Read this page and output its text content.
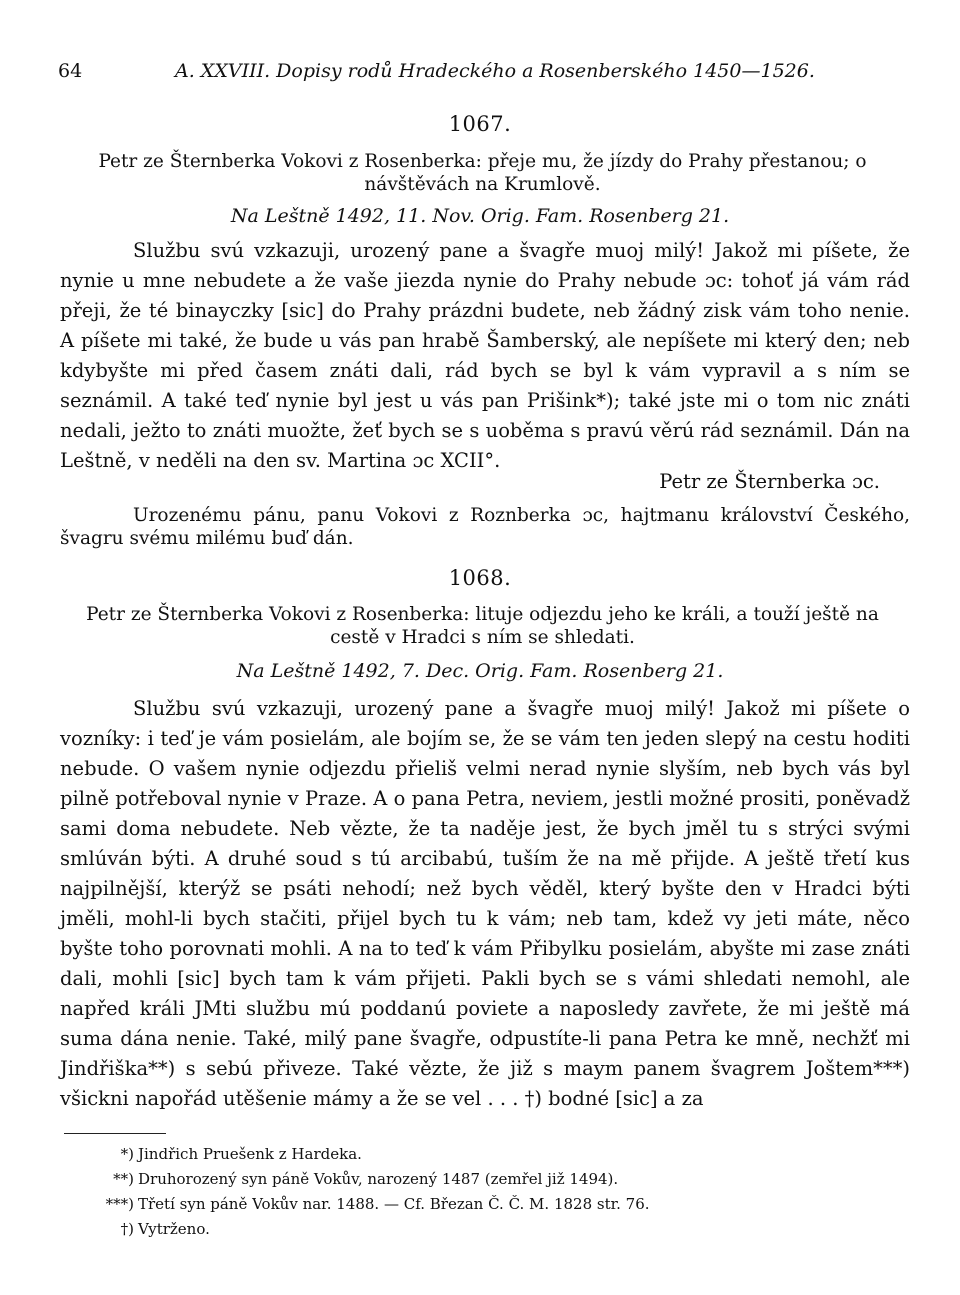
64	A. XXVIII. Dopisy rodů Hradeckého a Rosenberského 1450—1526.
1067.
Petr ze Šternberka Vokovi z Rosenberka: přeje mu, že jízdy do Prahy přestanou; o návštěvách na Krumlově.
Na Leštně 1492, 11. Nov. Orig. Fam. Rosenberg 21.
Službu svú vzkazuji, urozený pane a švagře muoj milý! Jakož mi píšete, že nynie u mne nebudete a že vaše jiezda nynie do Prahy nebude ɔc: tohoť já vám rád přeji, že té binayczky [sic] do Prahy prázdni budete, neb žádný zisk vám toho nenie. A píšete mi také, že bude u vás pan hrabě Šamberský, ale nepíšete mi který den; neb kdybyšte mi před časem znáti dali, rád bych se byl k vám vypravil a s ním se seznámil. A také teď nynie byl jest u vás pan Prišink*); také jste mi o tom nic znáti nedali, ježto to znáti muožte, žeť bych se s uoběma s pravú věrú rád seznámil. Dán na Leštně, v neděli na den sv. Martina ɔc XCII°.
Petr ze Šternberka ɔc.
Urozenému pánu, panu Vokovi z Roznberka ɔc, hajtmanu království Českého, švagru svému milému buď dán.
1068.
Petr ze Šternberka Vokovi z Rosenberka: lituje odjezdu jeho ke králi, a touží ještě na cestě v Hradci s ním se shledati.
Na Leštně 1492, 7. Dec. Orig. Fam. Rosenberg 21.
Službu svú vzkazuji, urozený pane a švagře muoj milý! Jakož mi píšete o vozníky: i teď je vám posielám, ale bojím se, že se vám ten jeden slepý na cestu hoditi nebude. O vašem nynie odjezdu přieliš velmi nerad nynie slyším, neb bych vás byl pilně potřeboval nynie v Praze. A o pana Petra, neviem, jestli možné prositi, poněvadž sami doma nebudete. Neb vězte, že ta naděje jest, že bych jměl tu s strýci svými smlúván býti. A druhé soud s tú arcibabú, tuším že na mě přijde. A ještě třetí kus najpilnější, kterýž se psáti nehodí; než bych věděl, který byšte den v Hradci býti jměli, mohl-li bych stačiti, přijel bych tu k vám; neb tam, kdež vy jeti máte, něco byšte toho porovnati mohli. A na to teď k vám Přibylku posielám, abyšte mi zase znáti dali, mohli [sic] bych tam k vám přijeti. Pakli bych se s vámi shledati nemohl, ale napřed králi JMti službu mú poddanú poviete a naposledy zavřete, že mi ještě má suma dána nenie. Také, milý pane švagře, odpustíte-li pana Petra ke mně, nechžť mi Jindřiška**) s sebú přiveze. Také vězte, že již s maym panem švagrem Joštem***) všickni napořád utěšenie mámy a že se vel . . . †) bodné [sic] a za
*) Jindřich Pruešenk z Hardeka.
**) Druhorozený syn páně Vokův, narozený 1487 (zemřel již 1494).
***) Třetí syn páně Vokův nar. 1488. — Cf. Březan Č. Č. M. 1828 str. 76.
†) Vytrženo.
